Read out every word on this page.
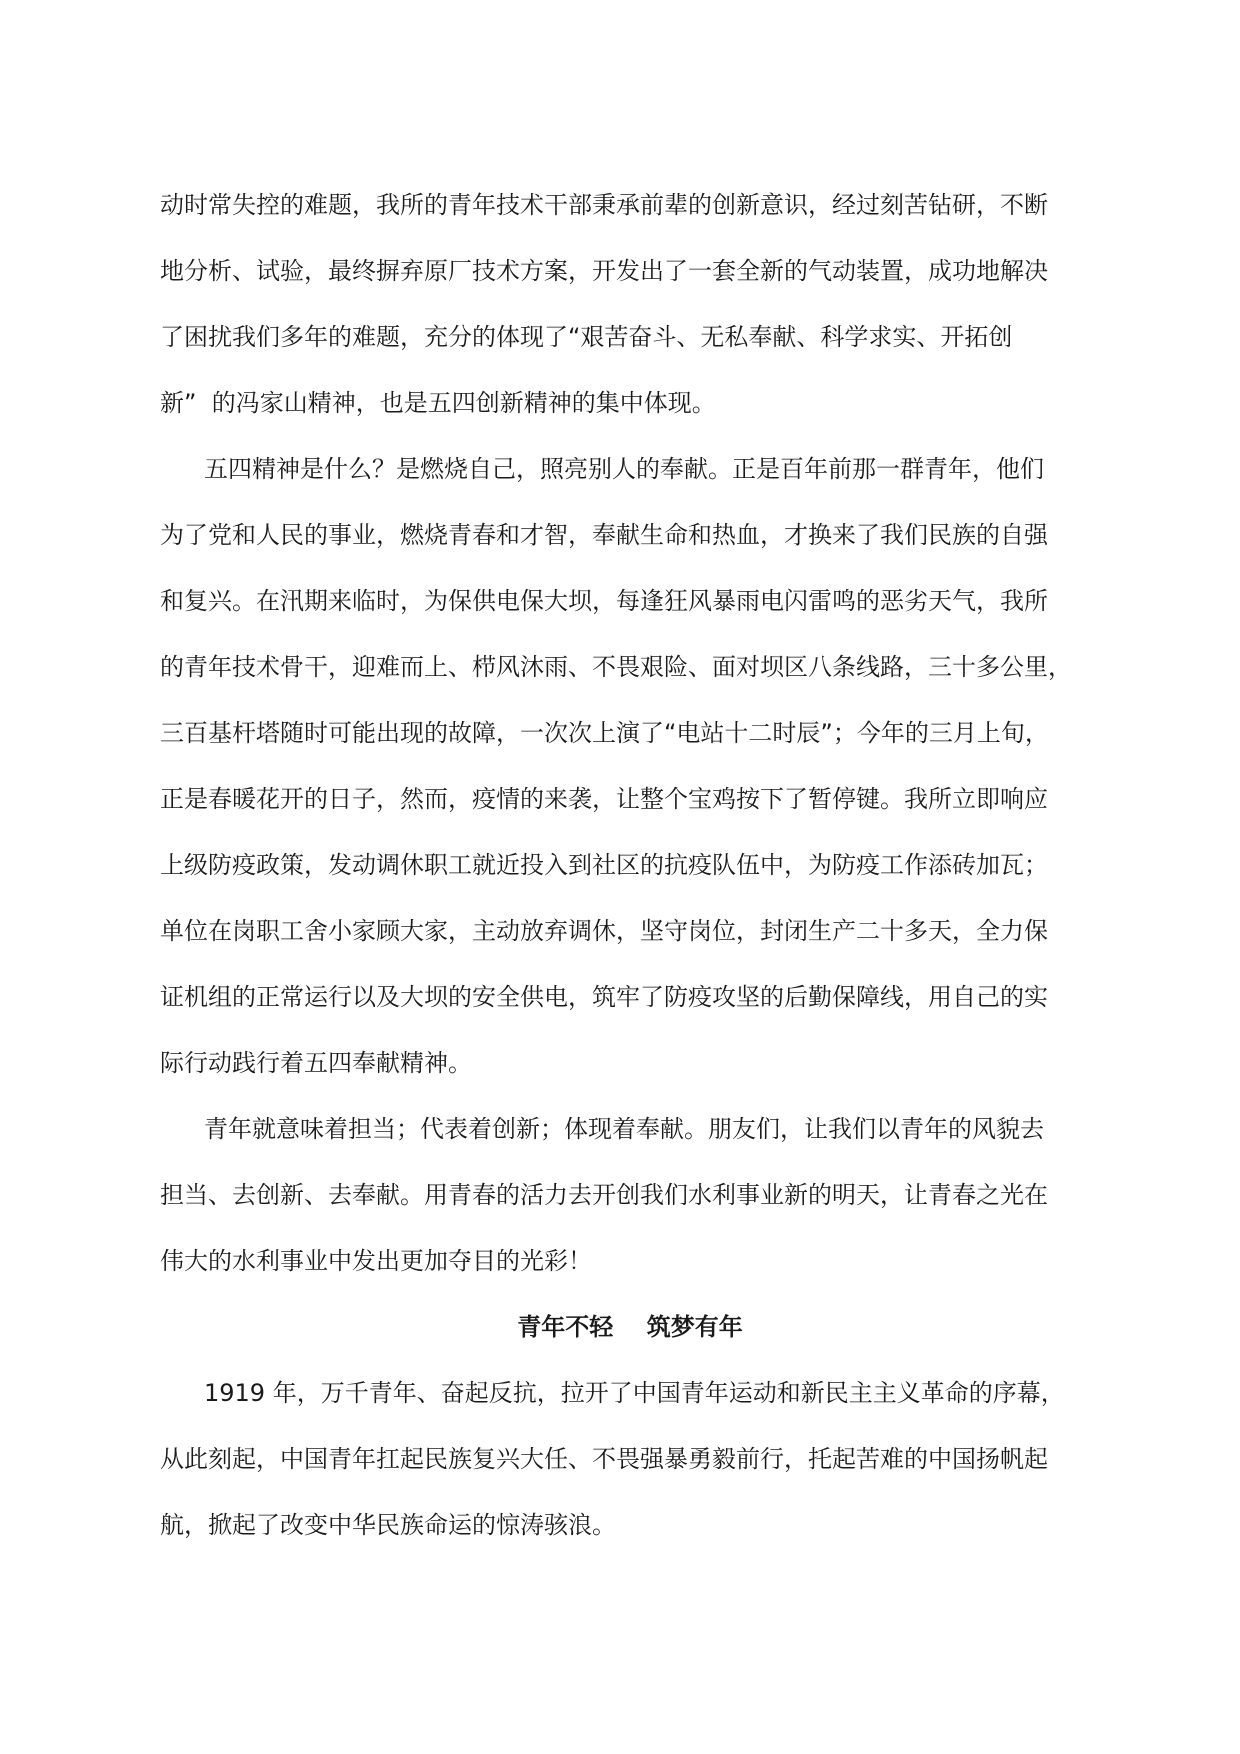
动时常失控的难题，我所的青年技术干部秉承前辈的创新意识，经过刻苦钻研，不断

地分析、试验，最终摒弃原厂技术方案，开发出了一套全新的气动装置，成功地解决

了困扰我们多年的难题，充分的体现了“艰苦奋斗、无私奉献、科学求实、开拓创

新”  的冯家山精神，也是五四创新精神的集中体现。

五四精神是什么？是燃烧自己，照亮别人的奉献。正是百年前那一群青年，他们

为了党和人民的事业，燃烧青春和才智，奉献生命和热血，才换来了我们民族的自强

和复兴。在汛期来临时，为保供电保大坝，每逢狂风暴雨电闪雷鸣的恶劣天气，我所

的青年技术骨干，迎难而上、栉风沐雨、不畏艰险、面对坝区八条线路，三十多公里，

三百基杆塔随时可能出现的故障，一次次上演了“电站十二时辰”；今年的三月上旬，

正是春暖花开的日子，然而，疫情的来袭，让整个宝鸡按下了暂停键。我所立即响应

上级防疫政策，发动调休职工就近投入到社区的抗疫队伍中，为防疫工作添砖加瓦；

单位在岗职工舍小家顾大家，主动放弃调休，坚守岗位，封闭生产二十多天，全力保

证机组的正常运行以及大坝的安全供电，筑牢了防疫攻坚的后勤保障线，用自己的实

际行动践行着五四奉献精神。

青年就意味着担当；代表着创新；体现着奉献。朋友们，让我们以青年的风貌去

担当、去创新、去奉献。用青春的活力去开创我们水利事业新的明天，让青春之光在

伟大的水利事业中发出更加夺目的光彩！

青年不轻    筑梦有年

1919 年，万千青年、奋起反抗，拉开了中国青年运动和新民主主义革命的序幕，

从此刻起，中国青年扛起民族复兴大任、不畏强暴勇毅前行，托起苦难的中国扬帆起

航，掀起了改变中华民族命运的惊涛骇浪。
